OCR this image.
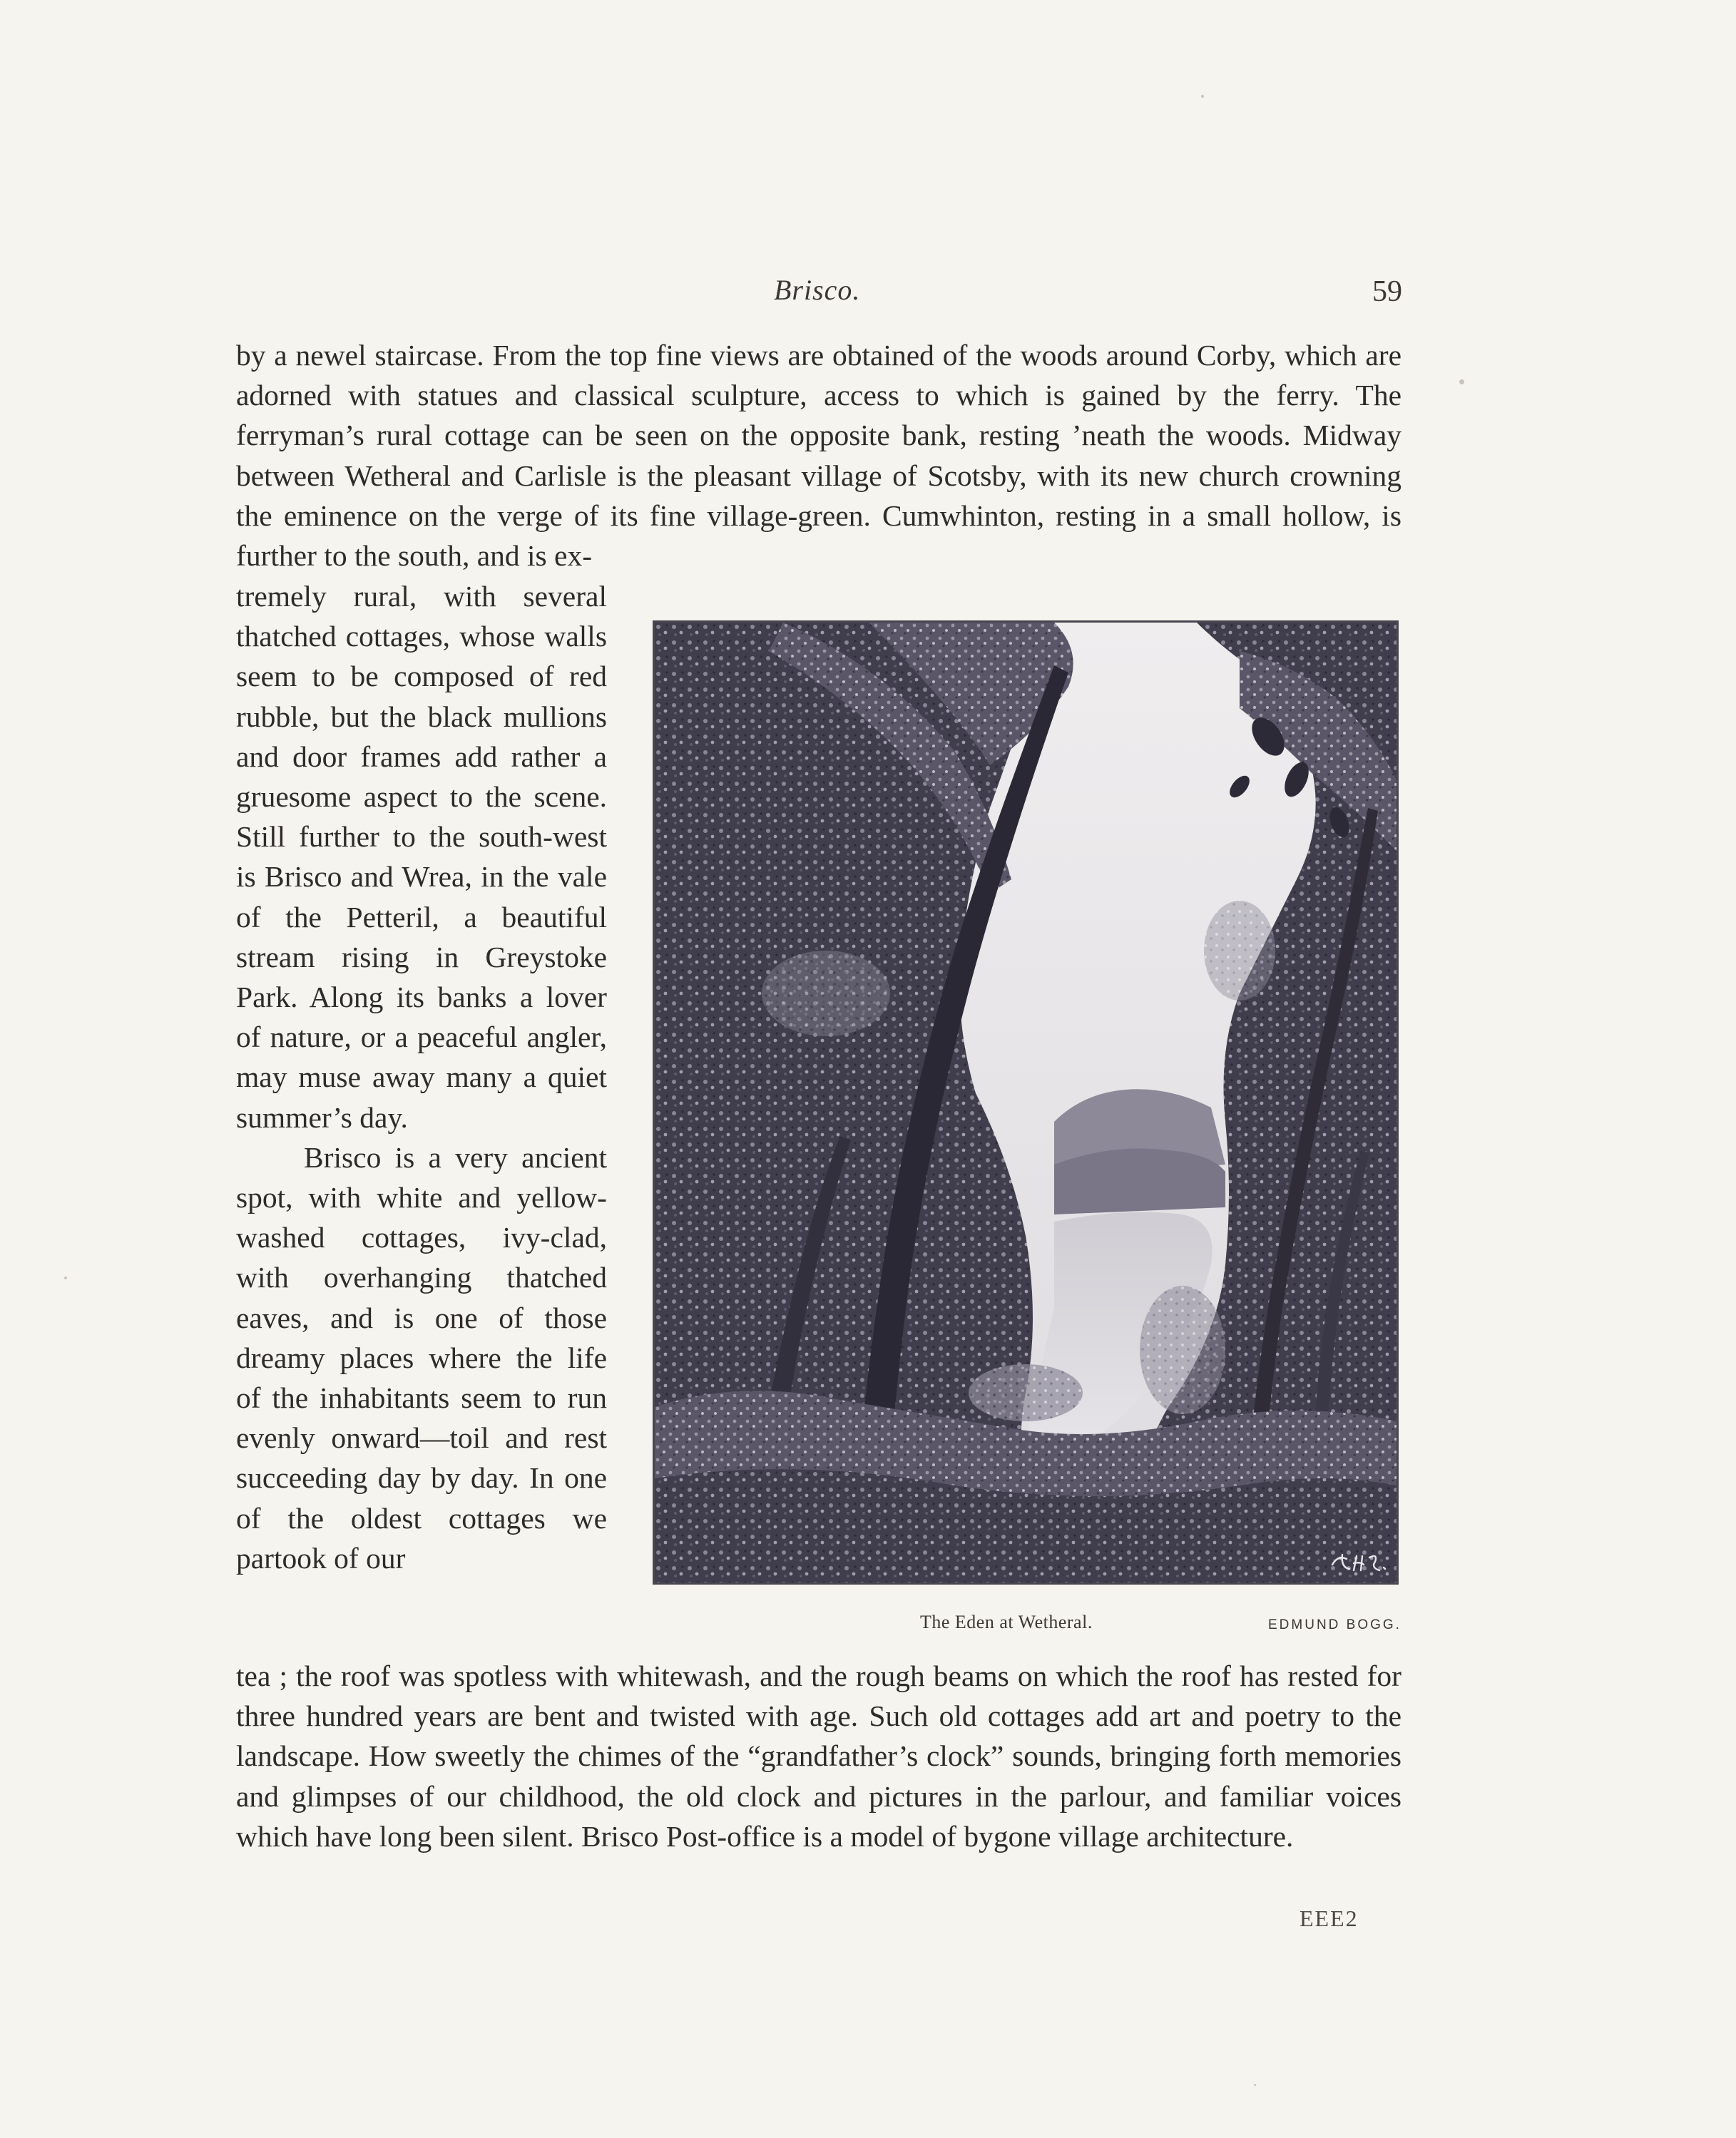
Brisco.	59

by a newel staircase. From the top fine views are obtained of the woods around Corby, which are adorned with statues and classical sculpture, access to which is gained by the ferry. The ferryman’s rural cottage can be seen on the opposite bank, resting ’neath the woods. Midway between Wetheral and Carlisle is the pleasant village of Scotsby, with its new church crowning the eminence on the verge of its fine village-green. Cumwhinton, resting in a small hollow, is further to the south, and is ex-

tremely rural, with several thatched cottages, whose walls seem to be composed of red rubble, but the black mullions and door frames add rather a gruesome aspect to the scene. Still further to the south-west is Brisco and Wrea, in the vale of the Petteril, a beautiful stream rising in Greystoke Park. Along its banks a lover of nature, or a peaceful angler, may muse away many a quiet summer’s day.

Brisco is a very ancient spot, with white and yellow-washed cottages, ivy-clad, with overhanging thatched eaves, and is one of those dreamy places where the life of the inhabitants seem to run evenly onward—toil and rest succeeding day by day. In one of the oldest cottages we partook of our

The Eden at Wetheral.	EDMUND BOGG.

tea ; the roof was spotless with whitewash, and the rough beams on which the roof has rested for three hundred years are bent and twisted with age. Such old cottages add art and poetry to the landscape. How sweetly the chimes of the “grandfather’s clock” sounds, bringing forth memories and glimpses of our childhood, the old clock and pictures in the parlour, and familiar voices which have long been silent. Brisco Post-office is a model of bygone village architecture.

EEE2
